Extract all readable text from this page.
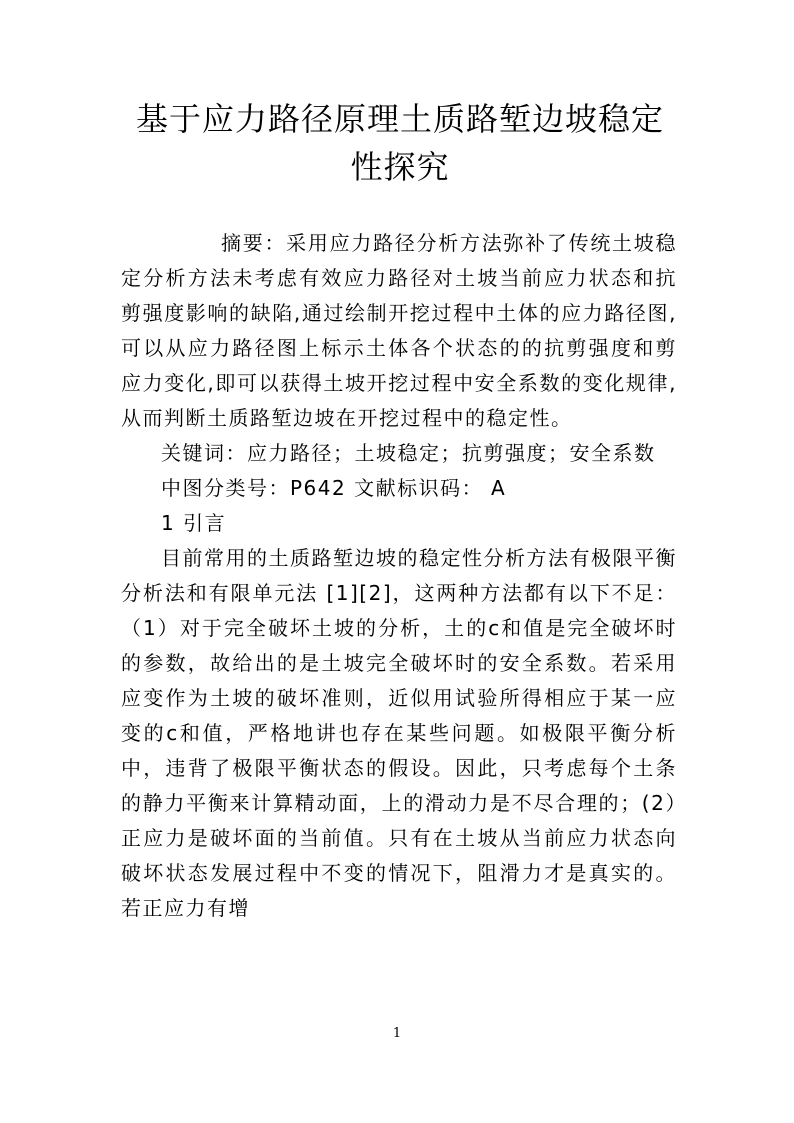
基于应力路径原理土质路堑边坡稳定性探究

摘要：采用应力路径分析方法弥补了传统土坡稳定分析方法未考虑有效应力路径对土坡当前应力状态和抗剪强度影响的缺陷,通过绘制开挖过程中土体的应力路径图,可以从应力路径图上标示土体各个状态的的抗剪强度和剪应力变化,即可以获得土坡开挖过程中安全系数的变化规律,从而判断土质路堑边坡在开挖过程中的稳定性。

关键词：应力路径；土坡稳定；抗剪强度；安全系数

中图分类号：P642 文献标识码： A

1 引言

目前常用的土质路堑边坡的稳定性分析方法有极限平衡分析法和有限单元法 [1][2]，这两种方法都有以下不足：（1）对于完全破坏土坡的分析，土的c和值是完全破坏时的参数，故给出的是土坡完全破坏时的安全系数。若采用应变作为土坡的破坏准则，近似用试验所得相应于某一应变的c和值，严格地讲也存在某些问题。如极限平衡分析中，违背了极限平衡状态的假设。因此，只考虑每个土条的静力平衡来计算精动面，上的滑动力是不尽合理的；(2）正应力是破坏面的当前值。只有在土坡从当前应力状态向破坏状态发展过程中不变的情况下，阻滑力才是真实的。若正应力有增

1
